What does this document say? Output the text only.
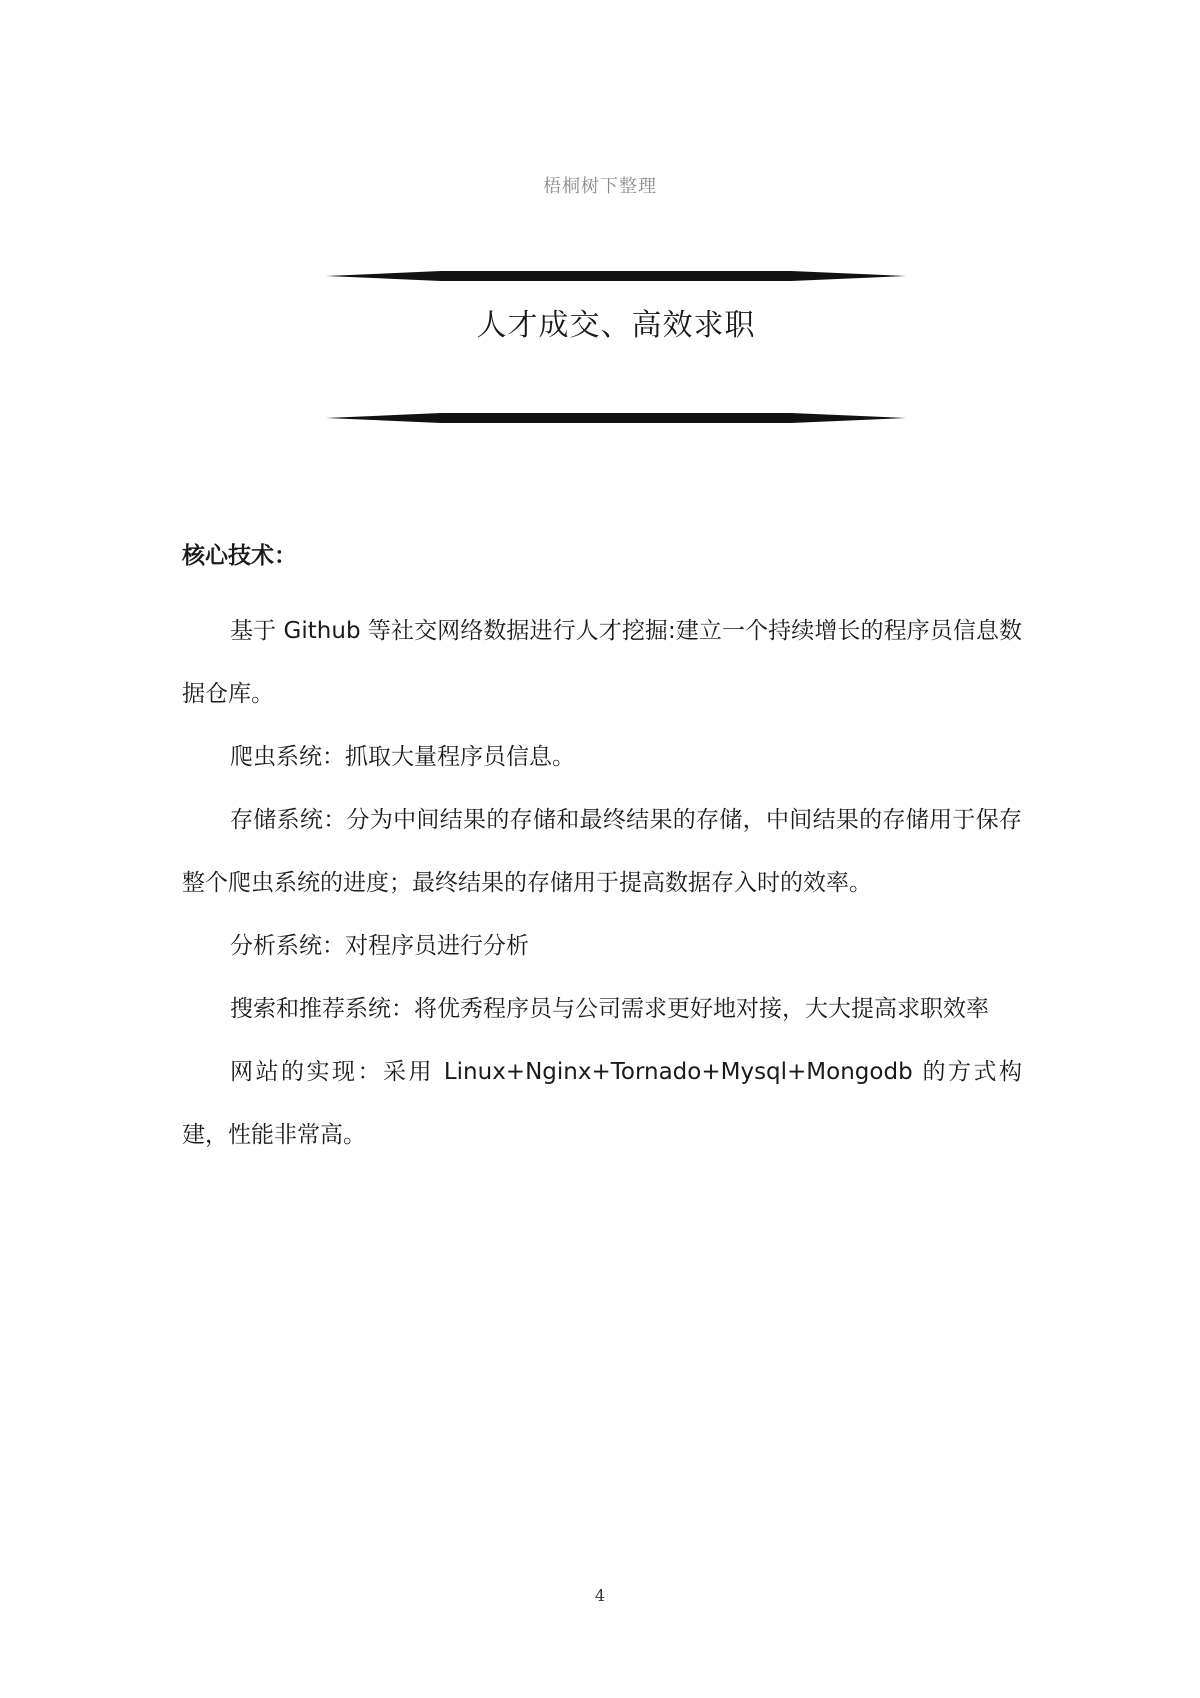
梧桐树下整理
人才成交、高效求职

核心技术：

基于 Github 等社交网络数据进行人才挖掘:建立一个持续增长的程序员信息数据仓库。

爬虫系统：抓取大量程序员信息。

存储系统：分为中间结果的存储和最终结果的存储，中间结果的存储用于保存整个爬虫系统的进度；最终结果的存储用于提高数据存入时的效率。

分析系统：对程序员进行分析

搜索和推荐系统：将优秀程序员与公司需求更好地对接，大大提高求职效率

网站的实现：采用 Linux+Nginx+Tornado+Mysql+Mongodb 的方式构建，性能非常高。

4
